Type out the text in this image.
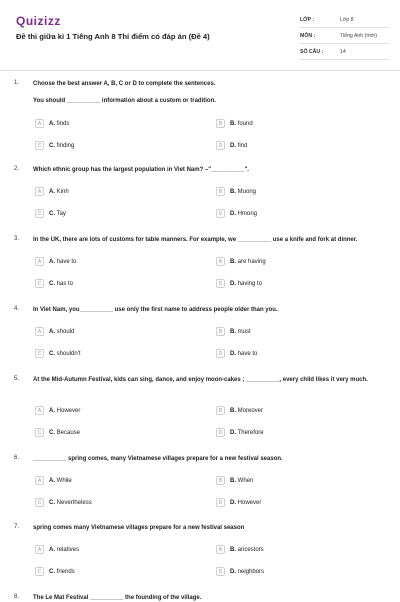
Quizizz
Đề thi giữa kì 1 Tiếng Anh 8 Thí điểm có đáp án (Đề 4)
LỚP :	Lớp 8
MÔN :	Tiếng Anh (mới)
SỐ CÂU :	14
1. Choose the best answer A, B, C or D to complete the sentences.
You should __________ information about a custom or tradition.
A	A. finds	B	B. found
C	C. finding	D	D. find
2. Which ethnic group has the largest population in Viet Nam? –"__________".
A	A. Kinh	B	B. Muong
C	C. Tay	D	D. Hmong
3. In the UK, there are lots of customs for table manners. For example, we __________ use a knife and fork at dinner.
A	A. have to	B	B. are having
C	C. has to	D	D. having to
4. In Viet Nam, you__________ use only the first name to address people older than you.
A	A. should	B	B. must
C	C. shouldn't	D	D. have to
5. At the Mid-Autumn Festival, kids can sing, dance, and enjoy moon-cakes ; __________, every child likes it very much.
A	A. However	B	B. Moreover
C	C. Because	D	D. Therefore
6. __________ spring comes, many Vietnamese villages prepare for a new festival season.
A	A. While	B	B. When
C	C. Nevertheless	D	D. However
7. spring comes many Vietnamese villages prepare for a new festival season
A	A. relatives	B	B. ancestors
C	C. friends	D	D. neighbors
8. The Le Mat Festival __________ the founding of the village.
